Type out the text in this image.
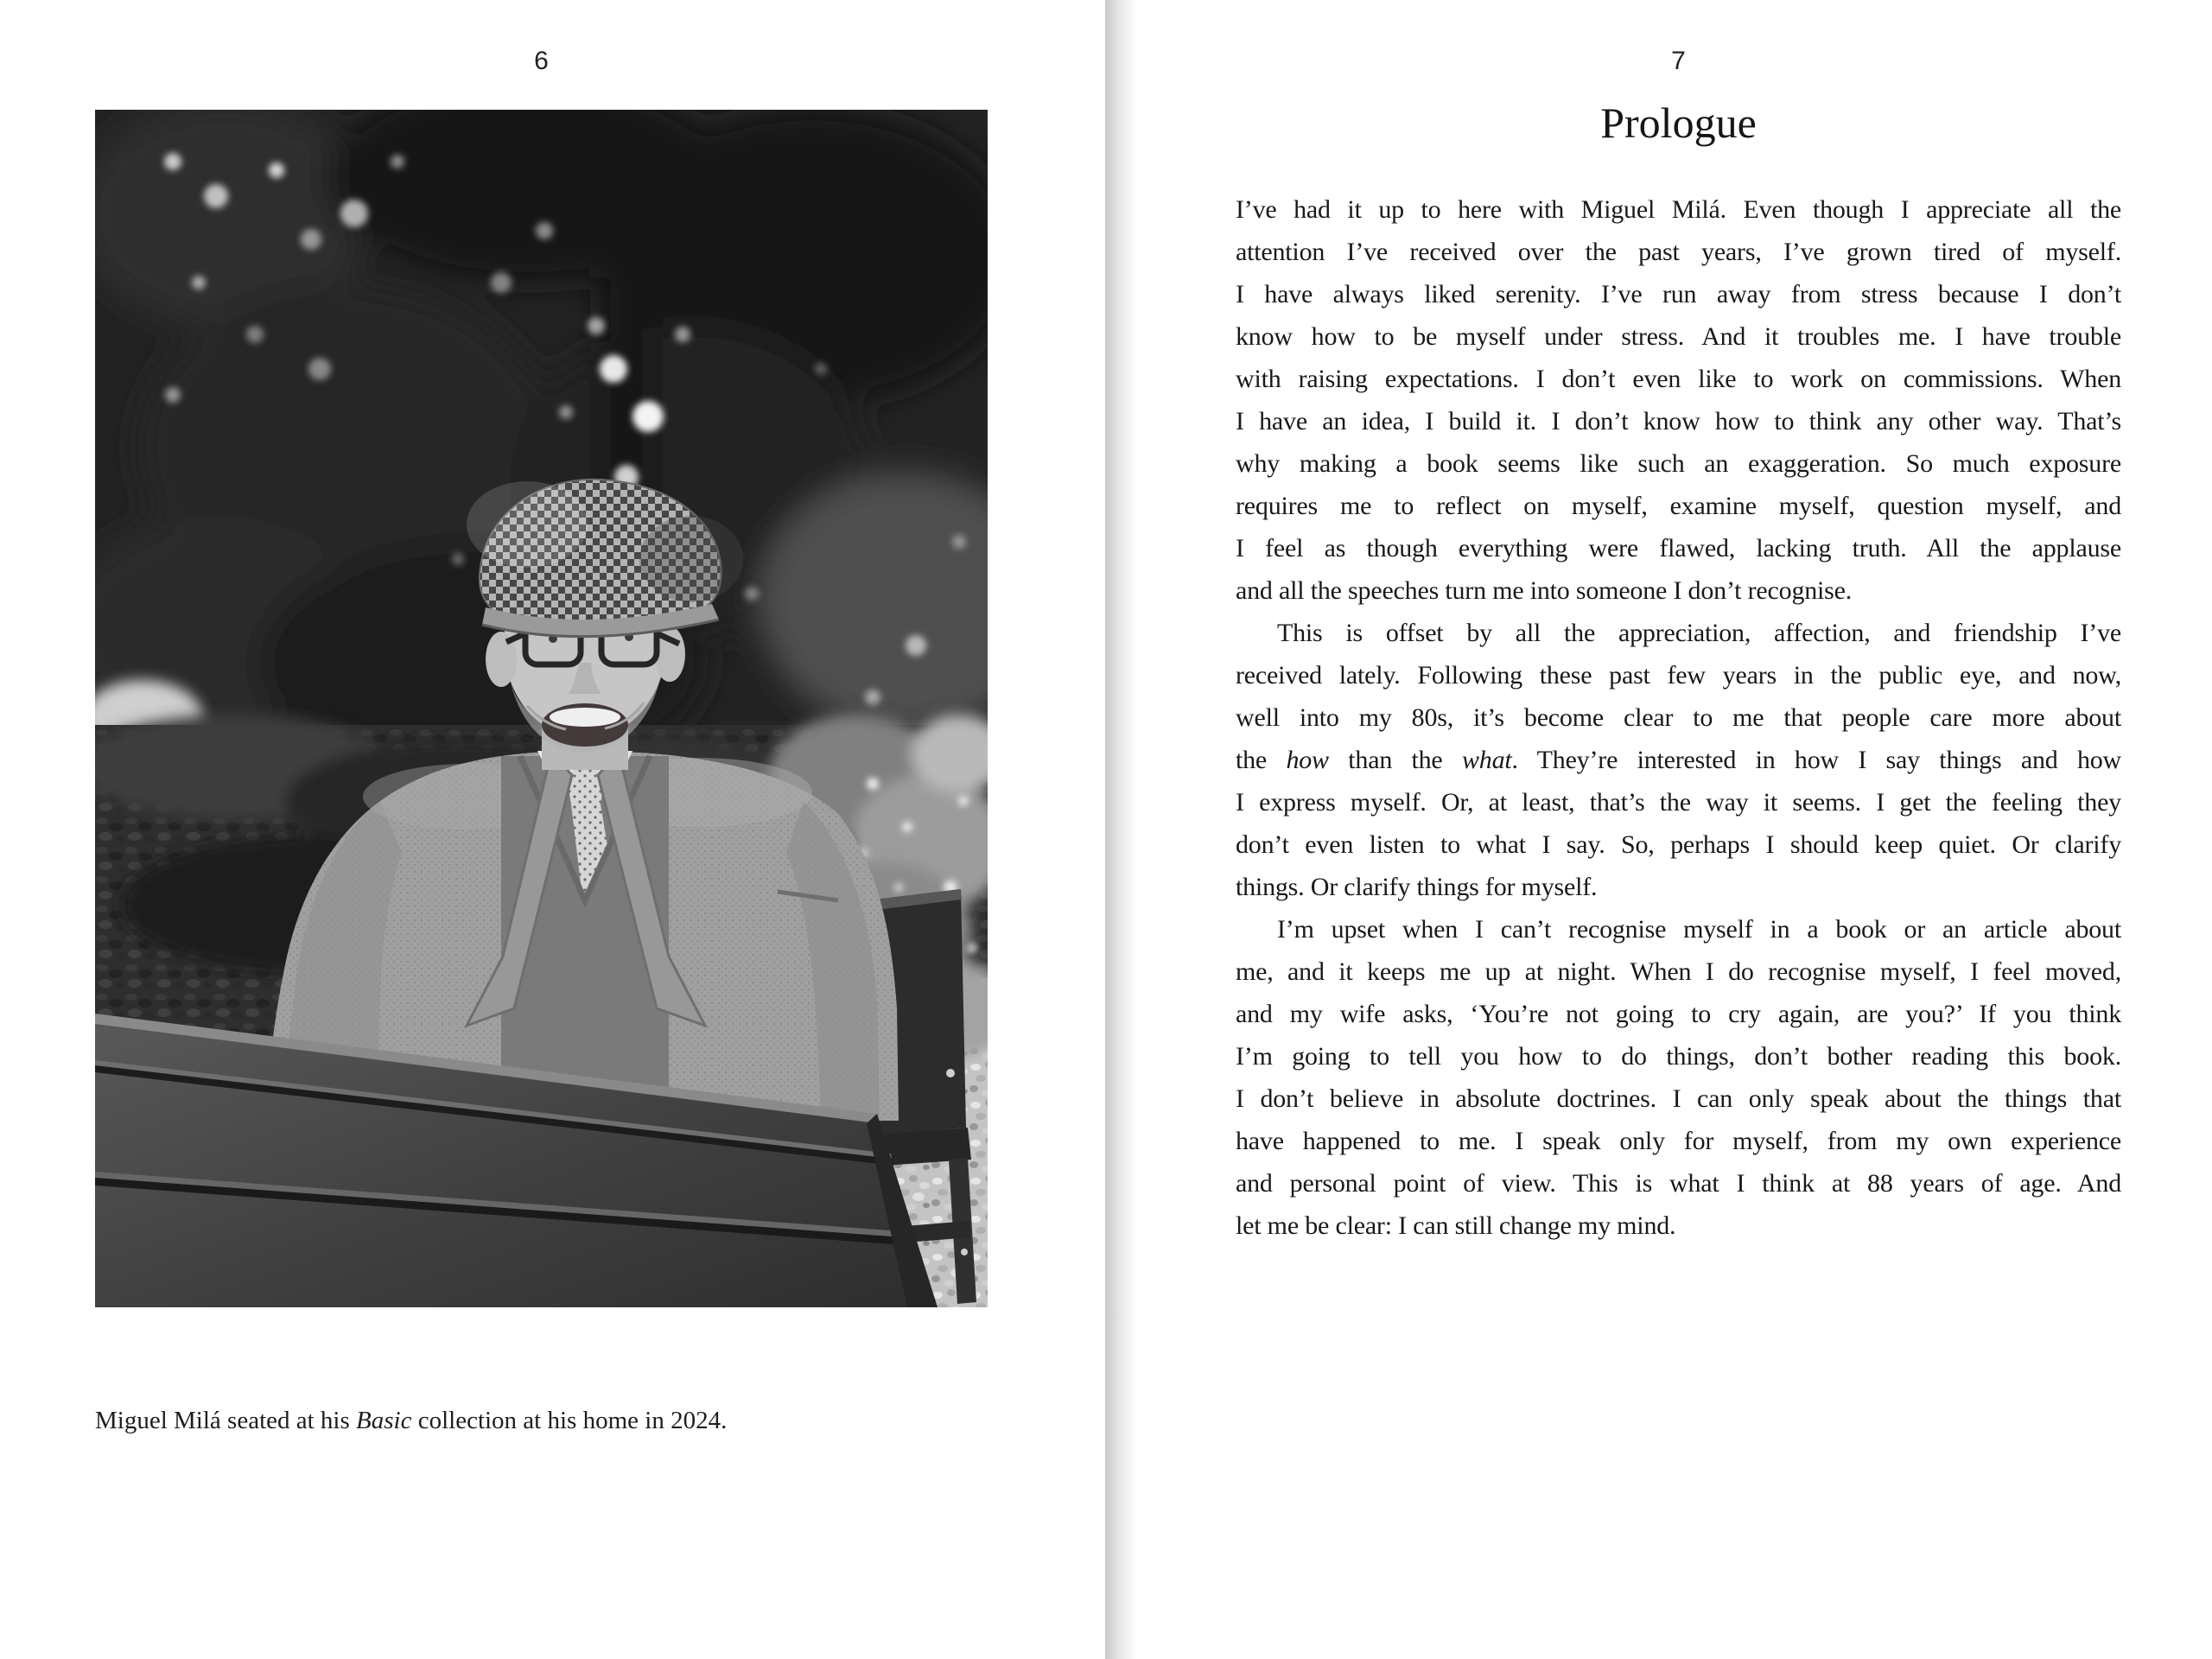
6
Miguel Milá seated at his Basic collection at his home in 2024.
7
Prologue
I’ve had it up to here with Miguel Milá. Even though I appreciate all the
attention I’ve received over the past years, I’ve grown tired of myself.
I have always liked serenity. I’ve run away from stress because I don’t
know how to be myself under stress. And it troubles me. I have trouble
with raising expectations. I don’t even like to work on commissions. When
I have an idea, I build it. I don’t know how to think any other way. That’s
why making a book seems like such an exaggeration. So much exposure
requires me to reflect on myself, examine myself, question myself, and
I feel as though everything were flawed, lacking truth. All the applause
and all the speeches turn me into someone I don’t recognise.
This is offset by all the appreciation, affection, and friendship I’ve
received lately. Following these past few years in the public eye, and now,
well into my 80s, it’s become clear to me that people care more about
the how than the what. They’re interested in how I say things and how
I express myself. Or, at least, that’s the way it seems. I get the feeling they
don’t even listen to what I say. So, perhaps I should keep quiet. Or clarify
things. Or clarify things for myself.
I’m upset when I can’t recognise myself in a book or an article about
me, and it keeps me up at night. When I do recognise myself, I feel moved,
and my wife asks, ‘You’re not going to cry again, are you?’ If you think
I’m going to tell you how to do things, don’t bother reading this book.
I don’t believe in absolute doctrines. I can only speak about the things that
have happened to me. I speak only for myself, from my own experience
and personal point of view. This is what I think at 88 years of age. And
let me be clear: I can still change my mind.
